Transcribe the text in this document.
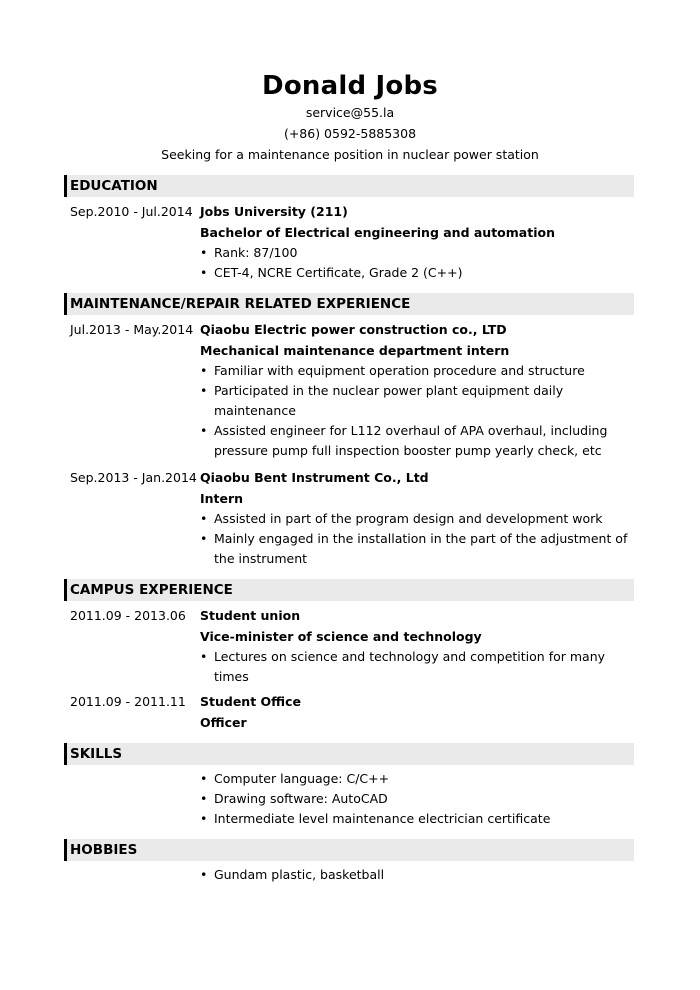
Donald Jobs

service@55.la

(+86) 0592-5885308

Seeking for a maintenance position in nuclear power station

EDUCATION
Sep.2010 - Jul.2014 Jobs University (211)
Bachelor of Electrical engineering and automation
• Rank: 87/100
• CET-4, NCRE Certificate, Grade 2 (C++)
MAINTENANCE/REPAIR RELATED EXPERIENCE
Jul.2013 - May.2014 Qiaobu Electric power construction co., LTD
Mechanical maintenance department intern
• Familiar with equipment operation procedure and structure
• Participated in the nuclear power plant equipment daily maintenance
• Assisted engineer for L112 overhaul of APA overhaul, including pressure pump full inspection booster pump yearly check, etc
Sep.2013 - Jan.2014 Qiaobu Bent Instrument Co., Ltd
Intern
• Assisted in part of the program design and development work
• Mainly engaged in the installation in the part of the adjustment of the instrument
CAMPUS EXPERIENCE
2011.09 - 2013.06 Student union
Vice-minister of science and technology
• Lectures on science and technology and competition for many times
2011.09 - 2011.11 Student Office
Officer
SKILLS
• Computer language: C/C++
• Drawing software: AutoCAD
• Intermediate level maintenance electrician certificate
HOBBIES
• Gundam plastic, basketball
